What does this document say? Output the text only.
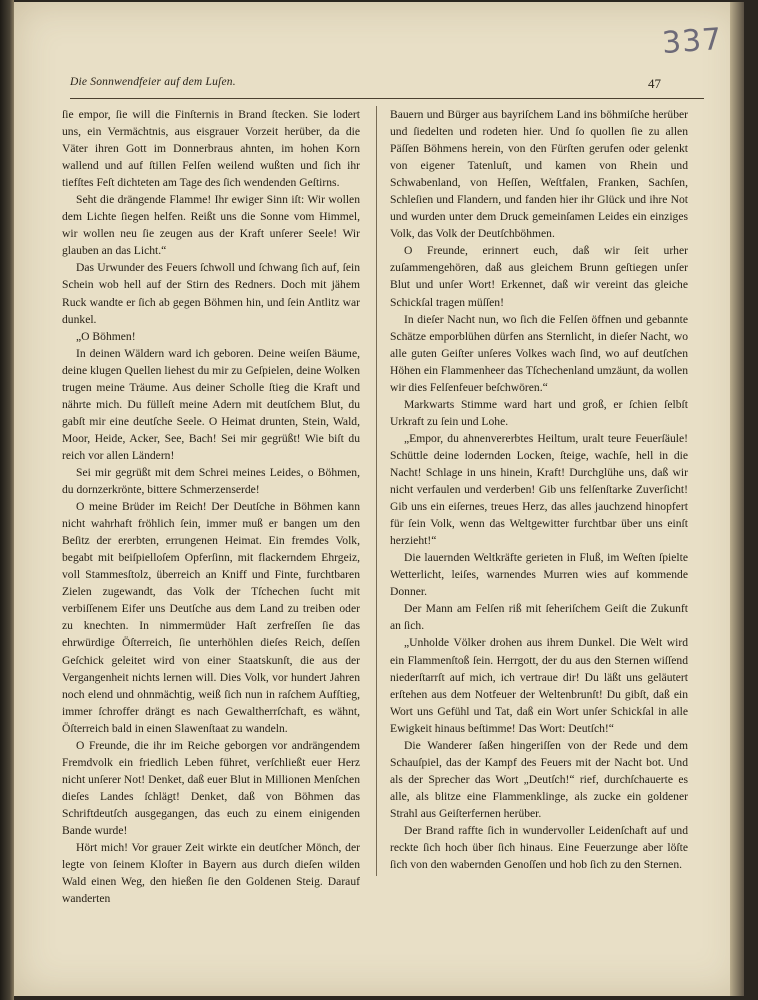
337
Die Sonnwendfeier auf dem Luſen.	47

ſie empor, ſie will die Finſternis in Brand ſtecken. Sie lodert uns, ein Vermächtnis, aus eisgrauer Vorzeit herüber, da die Väter ihren Gott im Donnerbraus ahnten, im hohen Korn wallend und auf ſtillen Felſen weilend wußten und ſich ihr tiefſtes Feſt dichteten am Tage des ſich wendenden Geſtirns.

Seht die drängende Flamme! Ihr ewiger Sinn iſt: Wir wollen dem Lichte ſiegen helfen. Reißt uns die Sonne vom Himmel, wir wollen neu ſie zeugen aus der Kraft unſerer Seele! Wir glauben an das Licht.“

Das Urwunder des Feuers ſchwoll und ſchwang ſich auf, ſein Schein wob hell auf der Stirn des Redners. Doch mit jähem Ruck wandte er ſich ab gegen Böhmen hin, und ſein Antlitz war dunkel.

„O Böhmen!

In deinen Wäldern ward ich geboren. Deine weiſen Bäume, deine klugen Quellen liehest du mir zu Geſpielen, deine Wolken trugen meine Träume. Aus deiner Scholle ſtieg die Kraft und nährte mich. Du fülleſt meine Adern mit deutſchem Blut, du gabſt mir eine deutſche Seele. O Heimat drunten, Stein, Wald, Moor, Heide, Acker, See, Bach! Sei mir gegrüßt! Wie biſt du reich vor allen Ländern!

Sei mir gegrüßt mit dem Schrei meines Leides, o Böhmen, du dornzerkrönte, bittere Schmerzenserde!

O meine Brüder im Reich! Der Deutſche in Böhmen kann nicht wahrhaft fröhlich ſein, immer muß er bangen um den Beſitz der ererbten, errungenen Heimat. Ein fremdes Volk, begabt mit beiſpielloſem Opferſinn, mit flackerndem Ehrgeiz, voll Stammesſtolz, überreich an Kniff und Finte, furchtbaren Zielen zugewandt, das Volk der Tſchechen ſucht mit verbiſſenem Eifer uns Deutſche aus dem Land zu treiben oder zu knechten. In nimmermüder Haſt zerfreſſen ſie das ehrwürdige Öſterreich, ſie unterhöhlen dieſes Reich, deſſen Geſchick geleitet wird von einer Staatskunſt, die aus der Vergangenheit nichts lernen will. Dies Volk, vor hundert Jahren noch elend und ohnmächtig, weiß ſich nun in raſchem Aufſtieg, immer ſchroffer drängt es nach Gewaltherrſchaft, es wähnt, Öſterreich bald in einen Slawenſtaat zu wandeln.

O Freunde, die ihr im Reiche geborgen vor andrängendem Fremdvolk ein friedlich Leben führet, verſchließt euer Herz nicht unſerer Not! Denket, daß euer Blut in Millionen Menſchen dieſes Landes ſchlägt! Denket, daß von Böhmen das Schriftdeutſch ausgegangen, das euch zu einem einigenden Bande wurde!

Hört mich! Vor grauer Zeit wirkte ein deutſcher Mönch, der legte von ſeinem Kloſter in Bayern aus durch dieſen wilden Wald einen Weg, den hießen ſie den Goldenen Steig. Darauf wanderten

Bauern und Bürger aus bayriſchem Land ins böhmiſche herüber und ſiedelten und rodeten hier. Und ſo quollen ſie zu allen Päſſen Böhmens herein, von den Fürſten gerufen oder gelenkt von eigener Tatenluſt, und kamen von Rhein und Schwabenland, von Heſſen, Weſtfalen, Franken, Sachſen, Schleſien und Flandern, und fanden hier ihr Glück und ihre Not und wurden unter dem Druck gemeinſamen Leides ein einziges Volk, das Volk der Deutſchböhmen.

O Freunde, erinnert euch, daß wir ſeit urher zuſammengehören, daß aus gleichem Brunn geſtiegen unſer Blut und unſer Wort! Erkennet, daß wir vereint das gleiche Schickſal tragen müſſen!

In dieſer Nacht nun, wo ſich die Felſen öffnen und gebannte Schätze emporblühen dürfen ans Sternlicht, in dieſer Nacht, wo alle guten Geiſter unſeres Volkes wach ſind, wo auf deutſchen Höhen ein Flammenheer das Tſchechenland umzäunt, da wollen wir dies Felſenfeuer beſchwören.“

Markwarts Stimme ward hart und groß, er ſchien ſelbſt Urkraft zu ſein und Lohe.

„Empor, du ahnenvererbtes Heiltum, uralt teure Feuerſäule! Schüttle deine lodernden Locken, ſteige, wachſe, hell in die Nacht! Schlage in uns hinein, Kraft! Durchglühe uns, daß wir nicht verfaulen und verderben! Gib uns felſenſtarke Zuverſicht! Gib uns ein eiſernes, treues Herz, das alles jauchzend hinopfert für ſein Volk, wenn das Weltgewitter furchtbar über uns einſt herzieht!“

Die lauernden Weltkräfte gerieten in Fluß, im Weſten ſpielte Wetterlicht, leiſes, warnendes Murren wies auf kommende Donner.

Der Mann am Felſen riß mit ſeheriſchem Geiſt die Zukunft an ſich.

„Unholde Völker drohen aus ihrem Dunkel. Die Welt wird ein Flammenſtoß ſein. Herrgott, der du aus den Sternen wiſſend niederſtarrſt auf mich, ich vertraue dir! Du läßt uns geläutert erſtehen aus dem Notfeuer der Weltenbrunſt! Du gibſt, daß ein Wort uns Gefühl und Tat, daß ein Wort unſer Schickſal in alle Ewigkeit hinaus beſtimme! Das Wort: Deutſch!“

Die Wanderer ſaßen hingeriſſen von der Rede und dem Schauſpiel, das der Kampf des Feuers mit der Nacht bot. Und als der Sprecher das Wort „Deutſch!“ rief, durchſchauerte es alle, als blitze eine Flammenklinge, als zucke ein goldener Strahl aus Geiſterfernen herüber.

Der Brand raffte ſich in wundervoller Leidenſchaft auf und reckte ſich hoch über ſich hinaus. Eine Feuerzunge aber löſte ſich von den wabernden Genoſſen und hob ſich zu den Sternen.
